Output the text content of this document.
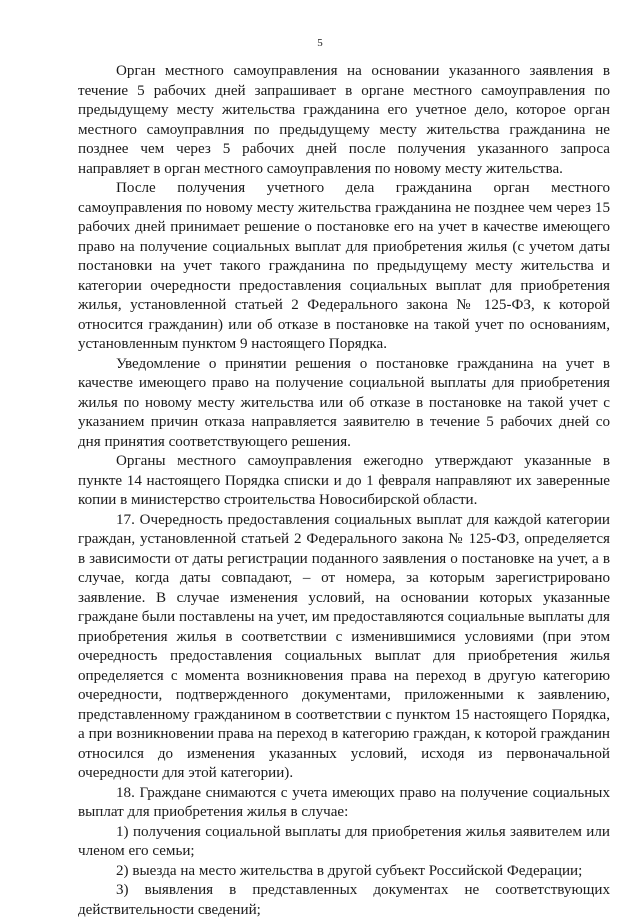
5

Орган местного самоуправления на основании указанного заявления в течение 5 рабочих дней запрашивает в органе местного самоуправления по предыдущему месту жительства гражданина его учетное дело, которое орган местного самоуправлния по предыдущему месту жительства гражданина не позднее чем через 5 рабочих дней после получения указанного запроса направляет в орган местного самоуправления по новому месту жительства.

После получения учетного дела гражданина орган местного самоуправления по новому месту жительства гражданина не позднее чем через 15 рабочих дней принимает решение о постановке его на учет в качестве имеющего право на получение социальных выплат для приобретения жилья (с учетом даты постановки на учет такого гражданина по предыдущему месту жительства и категории очередности предоставления социальных выплат для приобретения жилья, установленной статьей 2 Федерального закона № 125-ФЗ, к которой относится гражданин) или об отказе в постановке на такой учет по основаниям, установленным пунктом 9 настоящего Порядка.

Уведомление о принятии решения о постановке гражданина на учет в качестве имеющего право на получение социальной выплаты для приобретения жилья по новому месту жительства или об отказе в постановке на такой учет с указанием причин отказа направляется заявителю в течение 5 рабочих дней со дня принятия соответствующего решения.

Органы местного самоуправления ежегодно утверждают указанные в пункте 14 настоящего Порядка списки и до 1 февраля направляют их заверенные копии в министерство строительства Новосибирской области.

17. Очередность предоставления социальных выплат для каждой категории граждан, установленной статьей 2 Федерального закона № 125-ФЗ, определяется в зависимости от даты регистрации поданного заявления о постановке на учет, а в случае, когда даты совпадают, – от номера, за которым зарегистрировано заявление. В случае изменения условий, на основании которых указанные граждане были поставлены на учет, им предоставляются социальные выплаты для приобретения жилья в соответствии с изменившимися условиями (при этом очередность предоставления социальных выплат для приобретения жилья определяется с момента возникновения права на переход в другую категорию очередности, подтвержденного документами, приложенными к заявлению, представленному гражданином в соответствии с пунктом 15 настоящего Порядка, а при возникновении права на переход в категорию граждан, к которой гражданин относился до изменения указанных условий, исходя из первоначальной очередности для этой категории).

18. Граждане снимаются с учета имеющих право на получение социальных выплат для приобретения жилья в случае:

1) получения социальной выплаты для приобретения жилья заявителем или членом его семьи;

2) выезда на место жительства в другой субъект Российской Федерации;

3) выявления в представленных документах не соответствующих действительности сведений;
